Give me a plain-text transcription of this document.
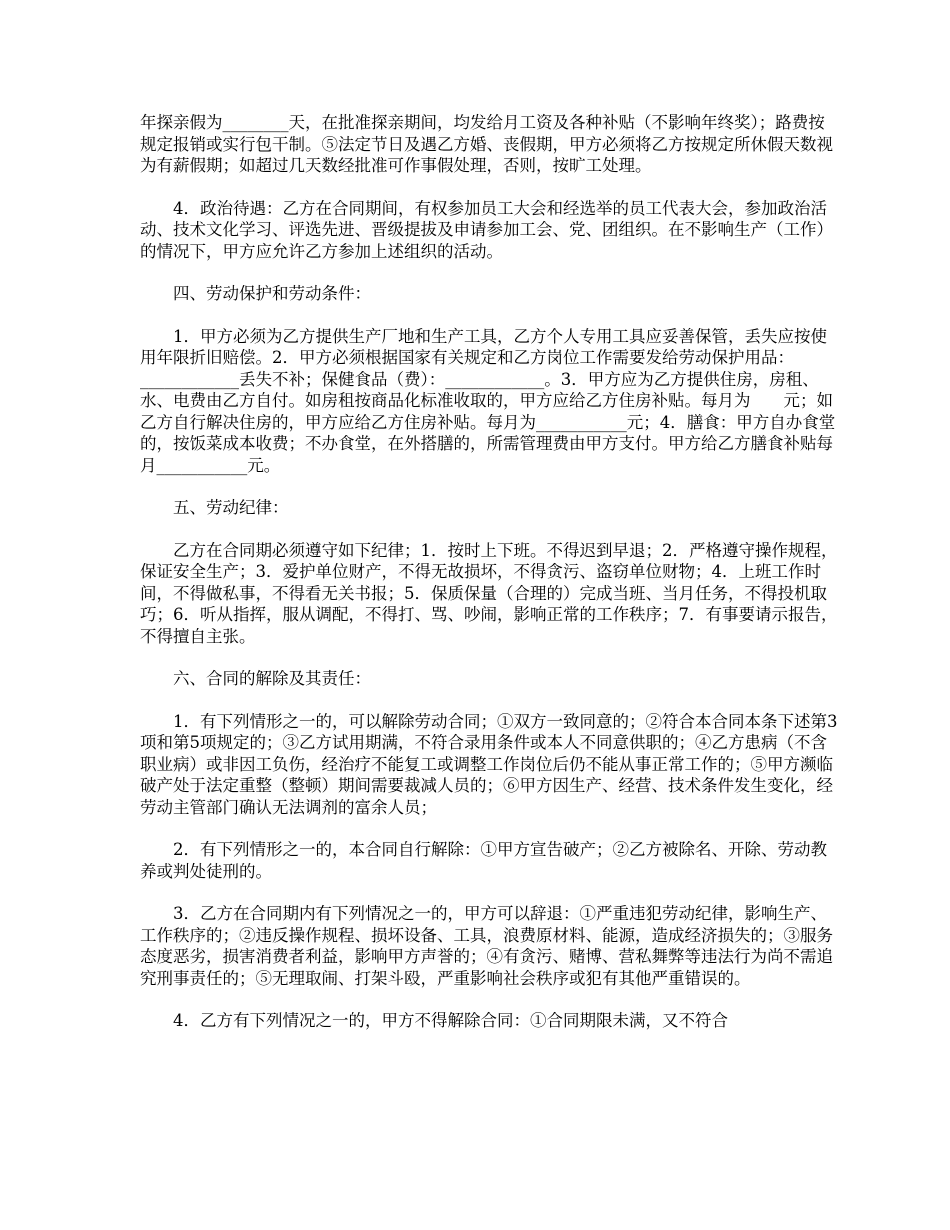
年探亲假为________天，在批准探亲期间，均发给月工资及各种补贴（不影响年终奖）；路费按规定报销或实行包干制。⑤法定节日及遇乙方婚、丧假期，甲方必须将乙方按规定所休假天数视为有薪假期；如超过几天数经批准可作事假处理，否则，按旷工处理。

4．政治待遇：乙方在合同期间，有权参加员工大会和经选举的员工代表大会，参加政治活动、技术文化学习、评选先进、晋级提拔及申请参加工会、党、团组织。在不影响生产（工作）的情况下，甲方应允许乙方参加上述组织的活动。

四、劳动保护和劳动条件：

1．甲方必须为乙方提供生产厂地和生产工具，乙方个人专用工具应妥善保管，丢失应按使用年限折旧赔偿。2．甲方必须根据国家有关规定和乙方岗位工作需要发给劳动保护用品：____________丢失不补；保健食品（费）：____________。3．甲方应为乙方提供住房，房租、水、电费由乙方自付。如房租按商品化标准收取的，甲方应给乙方住房补贴。每月为　　元；如乙方自行解决住房的，甲方应给乙方住房补贴。每月为___________元；4．膳食：甲方自办食堂的，按饭菜成本收费；不办食堂，在外搭膳的，所需管理费由甲方支付。甲方给乙方膳食补贴每月___________元。

五、劳动纪律：

乙方在合同期必须遵守如下纪律；1．按时上下班。不得迟到早退；2．严格遵守操作规程，保证安全生产；3．爱护单位财产，不得无故损坏，不得贪污、盗窃单位财物；4．上班工作时间，不得做私事，不得看无关书报；5．保质保量（合理的）完成当班、当月任务，不得投机取巧；6．听从指挥，服从调配，不得打、骂、吵闹，影响正常的工作秩序；7．有事要请示报告，不得擅自主张。

六、合同的解除及其责任：

1．有下列情形之一的，可以解除劳动合同；①双方一致同意的；②符合本合同本条下述第3项和第5项规定的；③乙方试用期满，不符合录用条件或本人不同意供职的；④乙方患病（不含职业病）或非因工负伤，经治疗不能复工或调整工作岗位后仍不能从事正常工作的；⑤甲方濒临破产处于法定重整（整顿）期间需要裁减人员的；⑥甲方因生产、经营、技术条件发生变化，经劳动主管部门确认无法调剂的富余人员；

2．有下列情形之一的，本合同自行解除：①甲方宣告破产；②乙方被除名、开除、劳动教养或判处徒刑的。

3．乙方在合同期内有下列情况之一的，甲方可以辞退：①严重违犯劳动纪律，影响生产、工作秩序的；②违反操作规程、损坏设备、工具，浪费原材料、能源，造成经济损失的；③服务态度恶劣，损害消费者利益，影响甲方声誉的；④有贪污、赌博、营私舞弊等违法行为尚不需追究刑事责任的；⑤无理取闹、打架斗殴，严重影响社会秩序或犯有其他严重错误的。

4．乙方有下列情况之一的，甲方不得解除合同：①合同期限未满，又不符合
